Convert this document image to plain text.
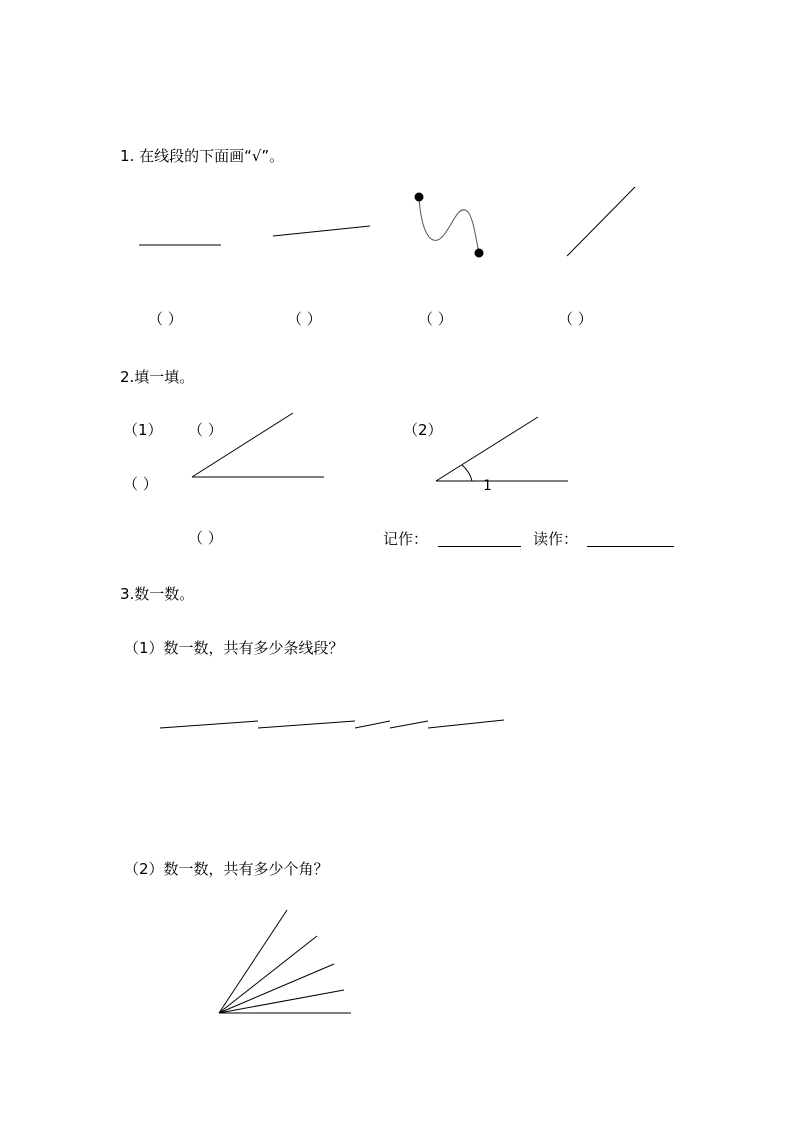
1. 在线段的下面画“√”。
（ ）	（ ）	（ ）	（ ）
2.填一填。
（1） （ ）
（ ）
（ ）
（2）
1
记作：	读作：
3.数一数。
（1）数一数，共有多少条线段？
（2）数一数，共有多少个角？
